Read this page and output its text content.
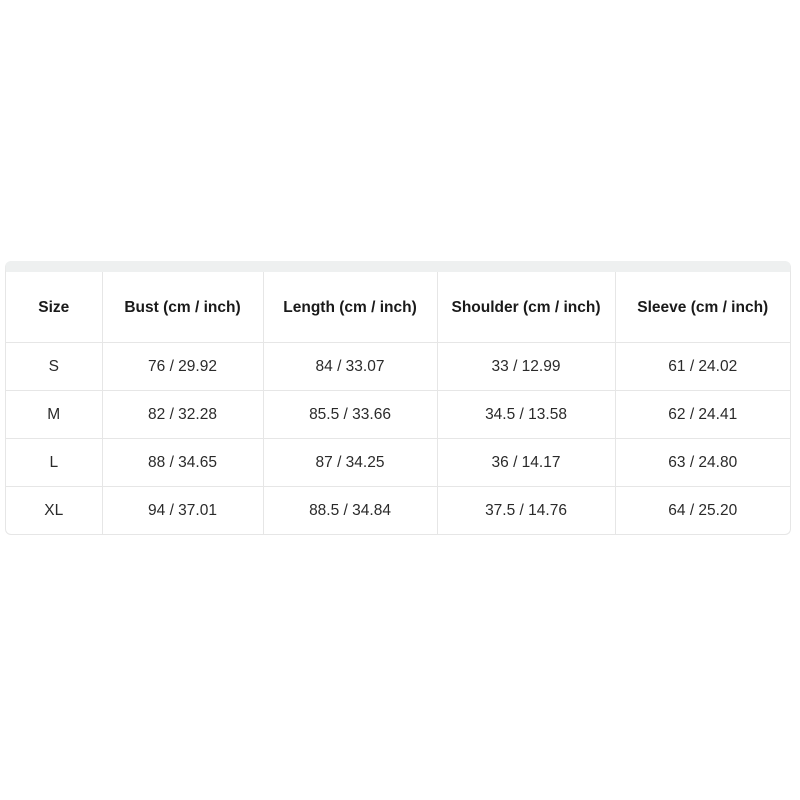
Size	Bust (cm / inch)	Length (cm / inch)	Shoulder (cm / inch)	Sleeve (cm / inch)
S	76 / 29.92	84 / 33.07	33 / 12.99	61 / 24.02
M	82 / 32.28	85.5 / 33.66	34.5 / 13.58	62 / 24.41
L	88 / 34.65	87 / 34.25	36 / 14.17	63 / 24.80
XL	94 / 37.01	88.5 / 34.84	37.5 / 14.76	64 / 25.20
